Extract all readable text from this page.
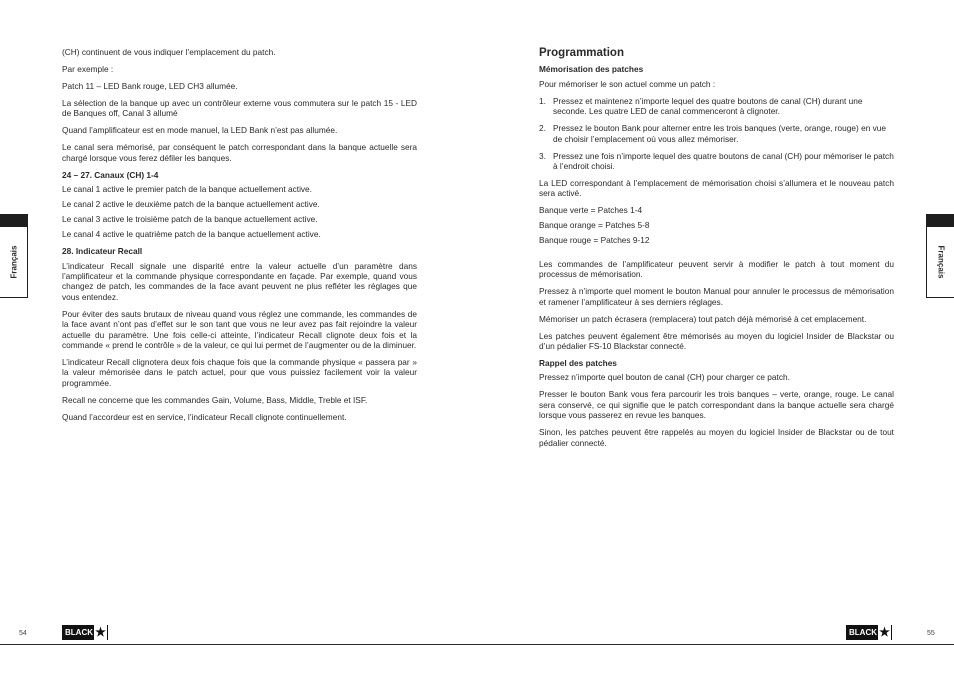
(CH) continuent de vous indiquer l’emplacement du patch.

Par exemple :

Patch 11 – LED Bank rouge, LED CH3 allumée.

La sélection de la banque up avec un contrôleur externe vous commutera sur le patch 15 - LED de Banques off, Canal 3 allumé

Quand l’amplificateur est en mode manuel, la LED Bank n’est pas allumée.

Le canal sera mémorisé, par conséquent le patch correspondant dans la banque actuelle sera chargé lorsque vous ferez défiler les banques.

24 – 27. Canaux (CH) 1-4

Le canal 1 active le premier patch de la banque actuellement active.

Le canal 2 active le deuxième patch de la banque actuellement active.

Le canal 3 active le troisième patch de la banque actuellement active.

Le canal 4 active le quatrième patch de la banque actuellement active.

28. Indicateur Recall

L’indicateur Recall signale une disparité entre la valeur actuelle d’un paramètre dans l’amplificateur et la commande physique correspondante en façade. Par exemple, quand vous changez de patch, les commandes de la face avant peuvent ne plus refléter les réglages que vous entendez.

Pour éviter des sauts brutaux de niveau quand vous réglez une commande, les commandes de la face avant n’ont pas d’effet sur le son tant que vous ne leur avez pas fait rejoindre la valeur actuelle du paramètre. Une fois celle-ci atteinte, l’indicateur Recall clignote deux fois et la commande « prend le contrôle » de la valeur, ce qui lui permet de l’augmenter ou de la diminuer.

L’indicateur Recall clignotera deux fois chaque fois que la commande physique « passera par » la valeur mémorisée dans le patch actuel, pour que vous puissiez facilement voir la valeur programmée.

Recall ne concerne que les commandes Gain, Volume, Bass, Middle, Treble et ISF.

Quand l’accordeur est en service, l’indicateur Recall clignote continuellement.

Programmation
Mémorisation des patches

Pour mémoriser le son actuel comme un patch :

1. Pressez et maintenez n’importe lequel des quatre boutons de canal (CH) durant une seconde. Les quatre LED de canal commenceront à clignoter.
2. Pressez le bouton Bank pour alterner entre les trois banques (verte, orange, rouge) en vue de choisir l’emplacement où vous allez mémoriser.
3. Pressez une fois n’importe lequel des quatre boutons de canal (CH) pour mémoriser le patch à l’endroit choisi.

La LED correspondant à l’emplacement de mémorisation choisi s’allumera et le nouveau patch sera activé.

Banque verte = Patches 1-4

Banque orange = Patches 5-8

Banque rouge = Patches 9-12

Les commandes de l’amplificateur peuvent servir à modifier le patch à tout moment du processus de mémorisation.

Pressez à n’importe quel moment le bouton Manual pour annuler le processus de mémorisation et ramener l’amplificateur à ses derniers réglages.

Mémoriser un patch écrasera (remplacera) tout patch déjà mémorisé à cet emplacement.

Les patches peuvent également être mémorisés au moyen du logiciel Insider de Blackstar ou d’un pédalier FS-10 Blackstar connecté.

Rappel des patches

Pressez n’importe quel bouton de canal (CH) pour charger ce patch.

Presser le bouton Bank vous fera parcourir les trois banques – verte, orange, rouge. Le canal sera conservé, ce qui signifie que le patch correspondant dans la banque actuelle sera chargé lorsque vous passerez en revue les banques.

Sinon, les patches peuvent être rappelés au moyen du logiciel Insider de Blackstar ou de tout pédalier connecté.

Français	Français
54	BLACK ★	BLACK ★	55
